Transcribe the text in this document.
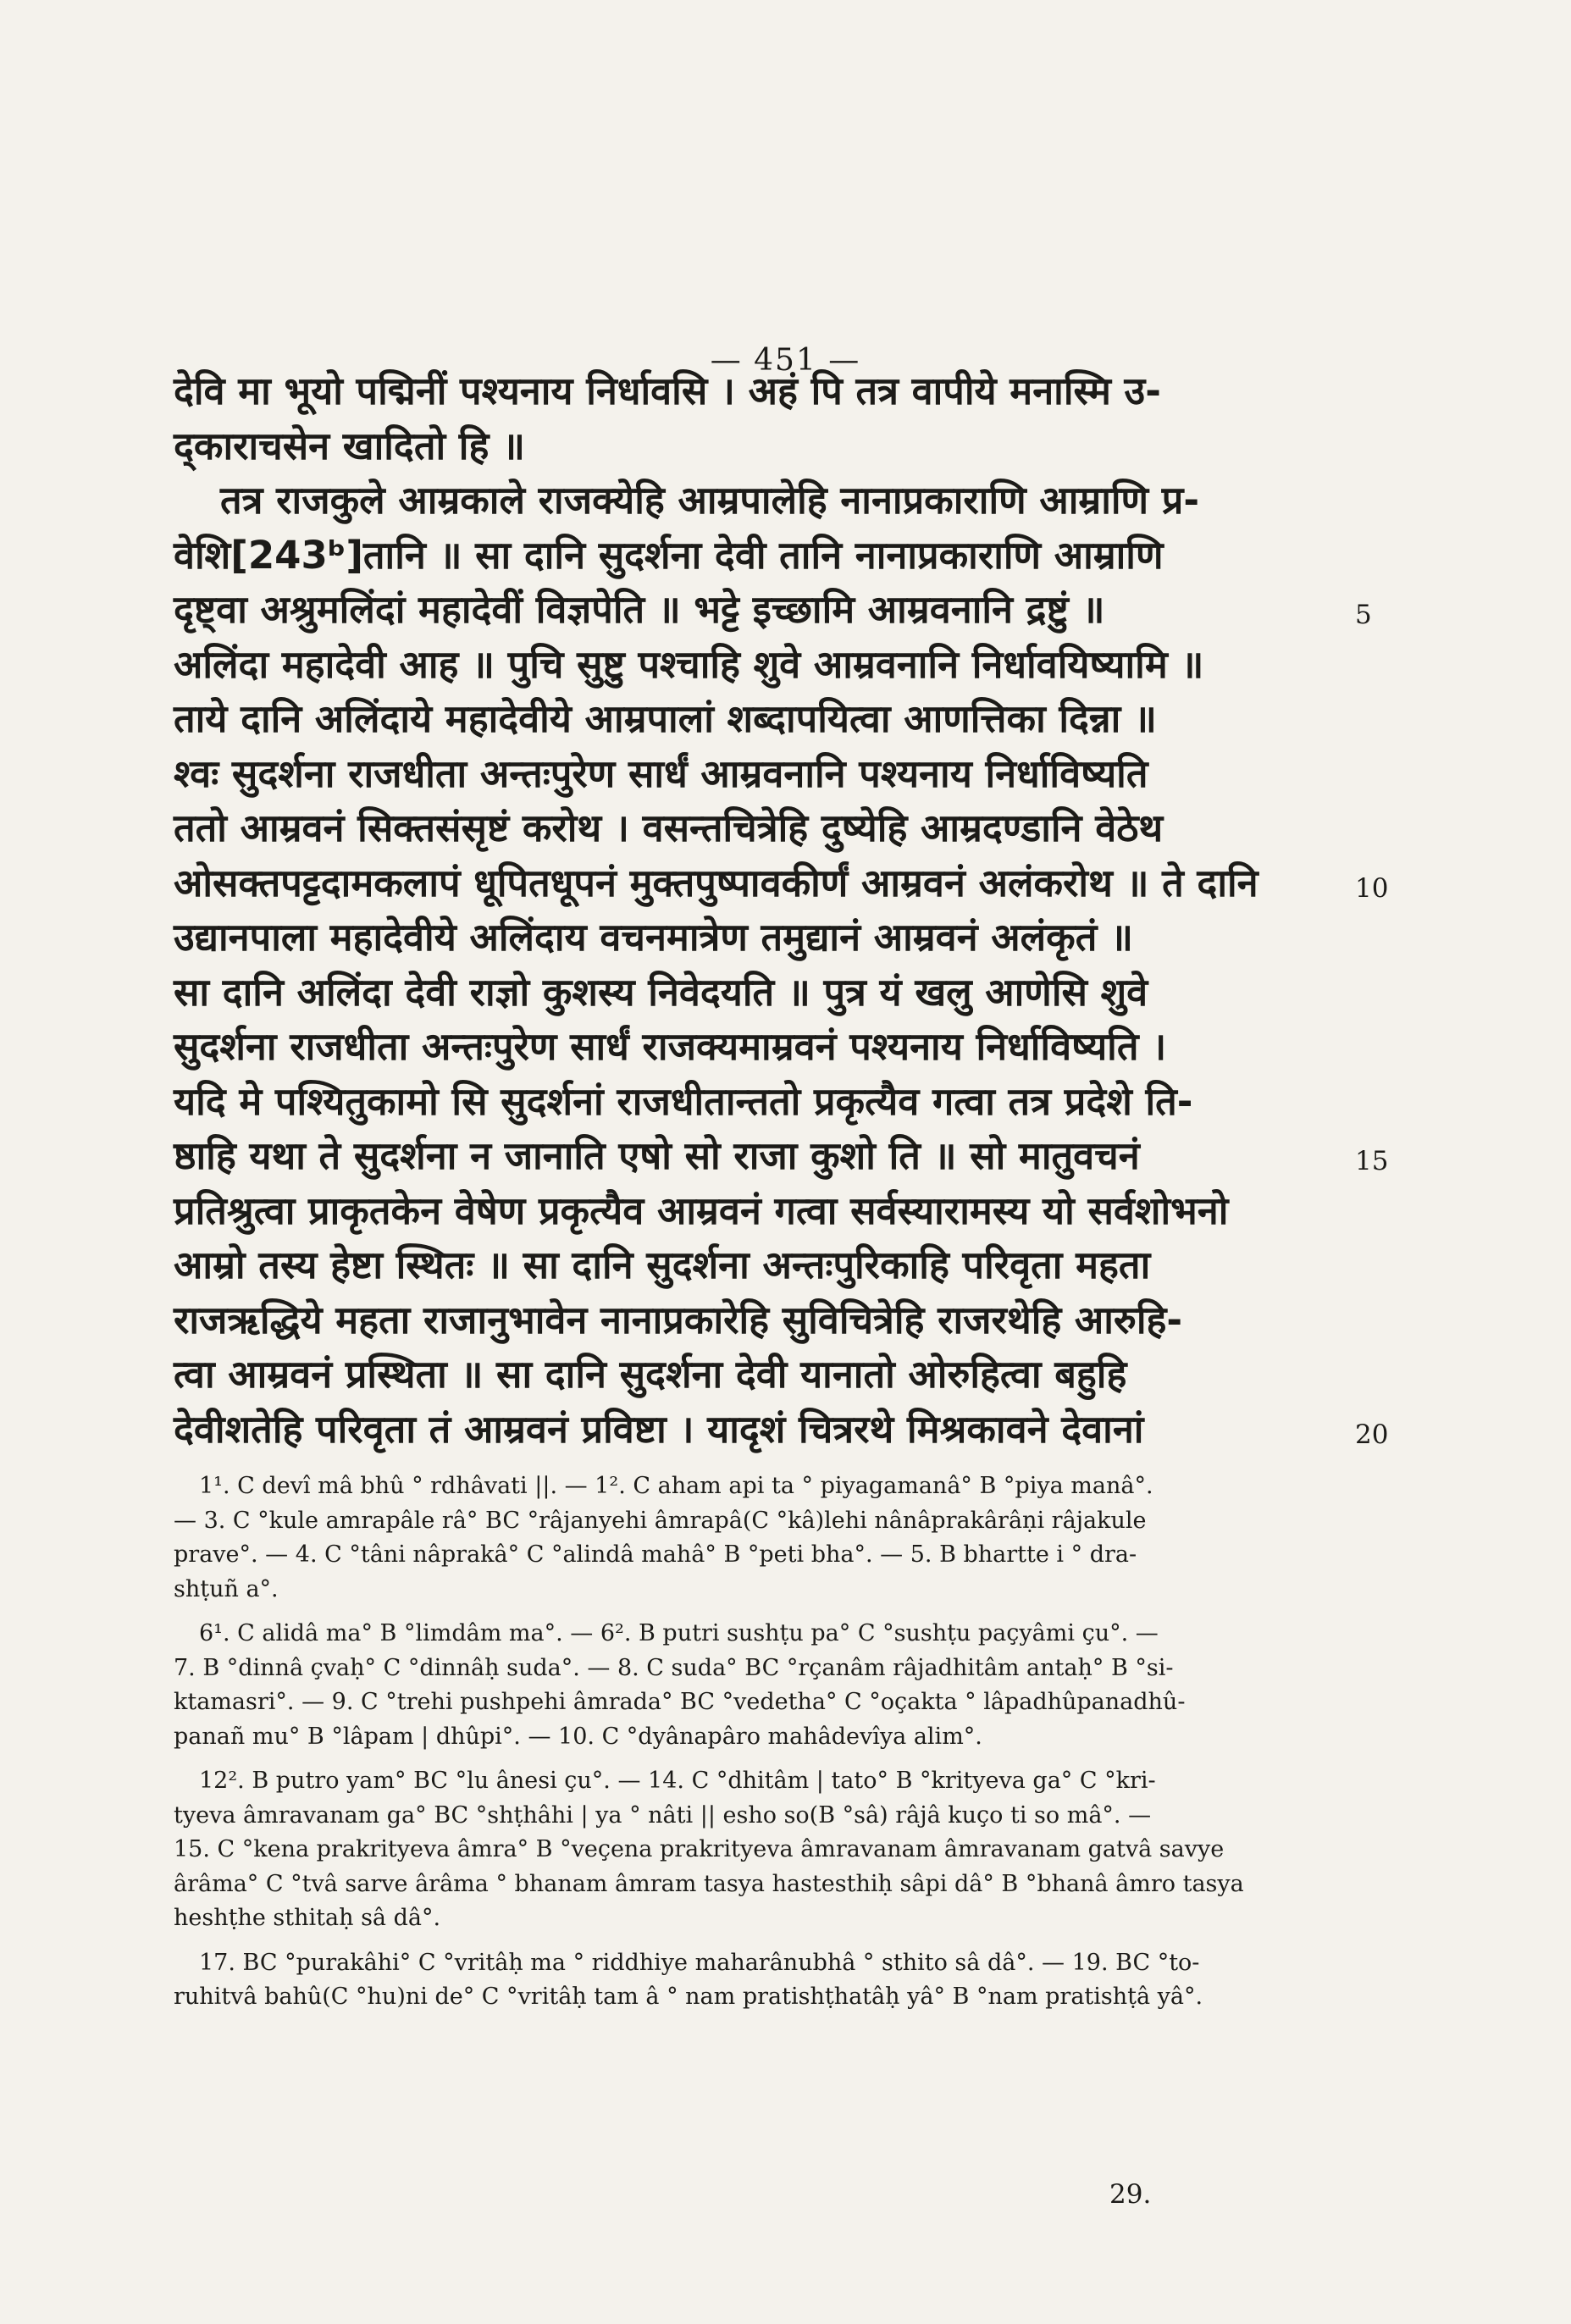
— 451 —
देवि मा भूयो पद्मिनीं पश्यनाय निर्धावसि । अहं पि तत्र वापीये मनास्मि उ-
द्‍काराचसेन खादितो हि ॥
तत्र राजकुले आम्रकाले राजक्येहि आम्रपालेहि नानाप्रकाराणि आम्राणि प्र-
वेशि[243ᵇ]तानि ॥ सा दानि सुदर्शना देवी तानि नानाप्रकाराणि आम्राणि
दृष्ट्वा अश्रुमलिंदां महादेवीं विज्ञपेति ॥ भट्टे इच्छामि आम्रवनानि द्रष्टुं ॥	5
अलिंदा महादेवी आह ॥ पुचि सुष्टु पश्चाहि शुवे आम्रवनानि निर्धावयिष्यामि ॥
ताये दानि अलिंदाये महादेवीये आम्रपालां शब्दापयित्वा आणत्तिका दिन्ना ॥
श्वः सुदर्शना राजधीता अन्तःपुरेण सार्धं आम्रवनानि पश्यनाय निर्धाविष्यति
ततो आम्रवनं सिक्तसंसृष्टं करोथ । वसन्तचित्रेहि दुष्येहि आम्रदण्डानि वेठेथ
ओसक्तपट्टदामकलापं धूपितधूपनं मुक्तपुष्पावकीर्णं आम्रवनं अलंकरोथ ॥ ते दानि	10
उद्यानपाला महादेवीये अलिंदाय वचनमात्रेण तमुद्यानं आम्रवनं अलंकृतं ॥
सा दानि अलिंदा देवी राज्ञो कुशस्य निवेदयति ॥ पुत्र यं खलु आणेसि शुवे
सुदर्शना राजधीता अन्तःपुरेण सार्धं राजक्यमाम्रवनं पश्यनाय निर्धाविष्यति ।
यदि मे पश्यितुकामो सि सुदर्शनां राजधीतान्ततो प्रकृत्यैव गत्वा तत्र प्रदेशे ति-
ष्ठाहि यथा ते सुदर्शना न जानाति एषो सो राजा कुशो ति ॥ सो मातुवचनं	15
प्रतिश्रुत्वा प्राकृतकेन वेषेण प्रकृत्यैव आम्रवनं गत्वा सर्वस्यारामस्य यो सर्वशोभनो
आम्रो तस्य हेष्टा स्थितः ॥ सा दानि सुदर्शना अन्तःपुरिकाहि परिवृता महता
राजऋद्धिये महता राजानुभावेन नानाप्रकारेहि सुविचित्रेहि राजरथेहि आरुहि-
त्वा आम्रवनं प्रस्थिता ॥ सा दानि सुदर्शना देवी यानातो ओरुहित्वा बहुहि
देवीशतेहि परिवृता तं आम्रवनं प्रविष्टा । यादृशं चित्ररथे मिश्रकावने देवानां	20
1¹. C devî mâ bhû ° rdhâvati ||. — 1². C aham api ta ° piyagamanâ° B °piya manâ°.
— 3. C °kule amrapâle râ° BC °râjanyehi âmrapâ(C °kâ)lehi nânâprakârâṇi râjakule
prave°. — 4. C °tâni nâprakâ° C °alindâ mahâ° B °peti bha°. — 5. B bhartte i ° dra-
shṭuñ a°.
6¹. C alidâ ma° B °limdâm ma°. — 6². B putri sushṭu pa° C °sushṭu paçyâmi çu°. —
7. B °dinnâ çvaḥ° C °dinnâḥ suda°. — 8. C suda° BC °rçanâm râjadhitâm antaḥ° B °si-
ktamasri°. — 9. C °trehi pushpehi âmrada° BC °vedetha° C °oçakta ° lâpadhûpanadhû-
panañ mu° B °lâpam | dhûpi°. — 10. C °dyânapâro mahâdevîya alim°.
12². B putro yam° BC °lu ânesi çu°. — 14. C °dhitâm | tato° B °krityeva ga° C °kri-
tyeva âmravanam ga° BC °shṭhâhi | ya ° nâti || esho so(B °sâ) râjâ kuço ti so mâ°. —
15. C °kena prakrityeva âmra° B °veçena prakrityeva âmravanam âmravanam gatvâ savye
ârâma° C °tvâ sarve ârâma ° bhanam âmram tasya hastesthiḥ sâpi dâ° B °bhanâ âmro tasya
heshṭhe sthitaḥ sâ dâ°.
17. BC °purakâhi° C °vritâḥ ma ° riddhiye maharânubhâ ° sthito sâ dâ°. — 19. BC °to-
ruhitvâ bahû(C °hu)ni de° C °vritâḥ tam â ° nam pratishṭhatâḥ yâ° B °nam pratishṭâ yâ°.
29.
